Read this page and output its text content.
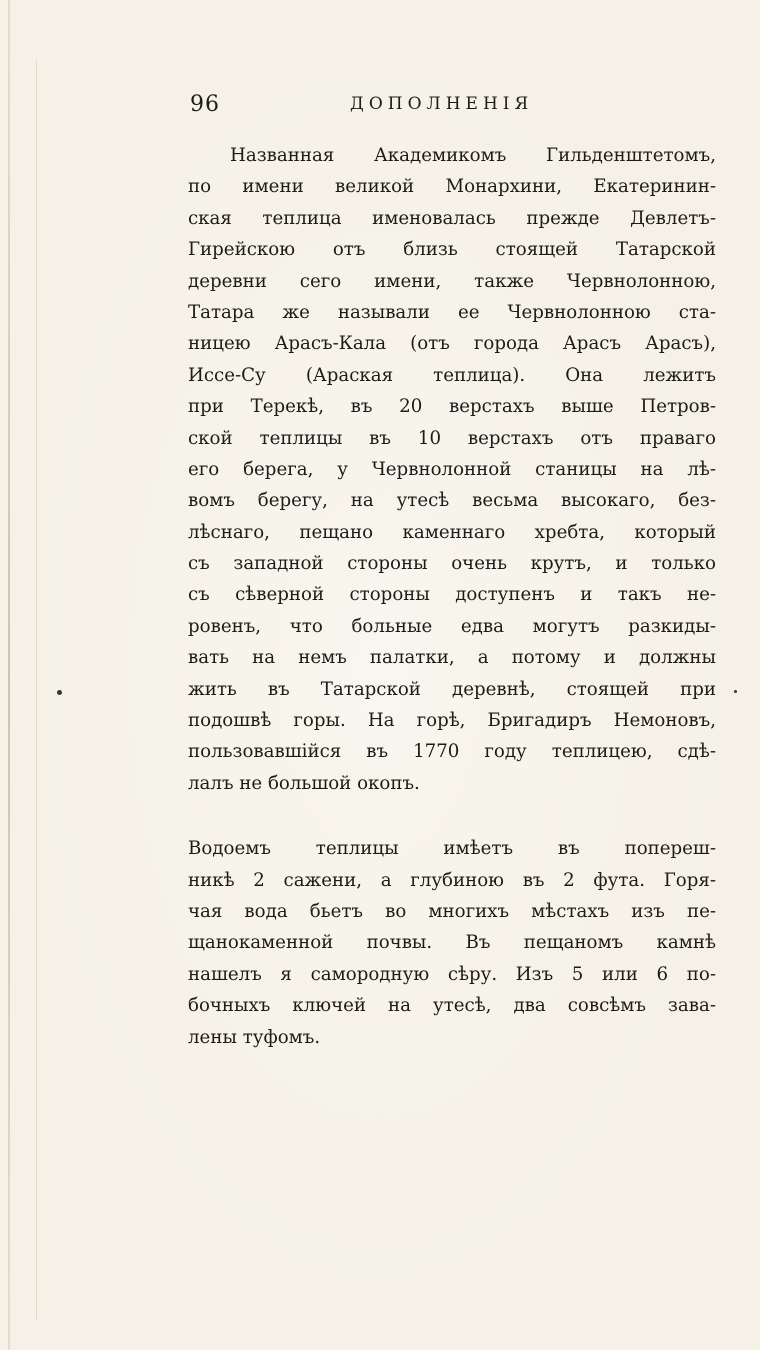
96	ДОПОЛНЕНІЯ
Названная Академикомъ Гильденштетомъ,
по имени великой Монархини, Екатеринин-
ская теплица именовалась прежде Девлетъ-
Гирейскою отъ близь стоящей Татарской
деревни сего имени, также Червнолонною,
Татара же называли ее Червнолонною ста-
ницею Арасъ-Кала (отъ города Арасъ Арасъ),
Иссе-Су (Араская теплица). Она лежитъ
при Терекѣ, въ 20 верстахъ выше Петров-
ской теплицы въ 10 верстахъ отъ праваго
его берега, у Червнолонной станицы на лѣ-
вомъ берегу, на утесѣ весьма высокаго, без-
лѣснаго, пещано каменнаго хребта, который
съ западной стороны очень крутъ, и только
съ сѣверной стороны доступенъ и такъ не-
ровенъ, что больные едва могутъ разкиды-
вать на немъ палатки, а потому и должны
жить въ Татарской деревнѣ, стоящей при
подошвѣ горы. На горѣ, Бригадиръ Немоновъ,
пользовавшійся въ 1770 году теплицею, сдѣ-
лалъ не большой окопъ.
Водоемъ теплицы имѣетъ въ попереш-
никѣ 2 сажени, а глубиною въ 2 фута. Горя-
чая вода бьетъ во многихъ мѣстахъ изъ пе-
щанокаменной почвы. Въ пещаномъ камнѣ
нашелъ я самородную сѣру. Изъ 5 или 6 по-
бочныхъ ключей на утесѣ, два совсѣмъ зава-
лены туфомъ.
